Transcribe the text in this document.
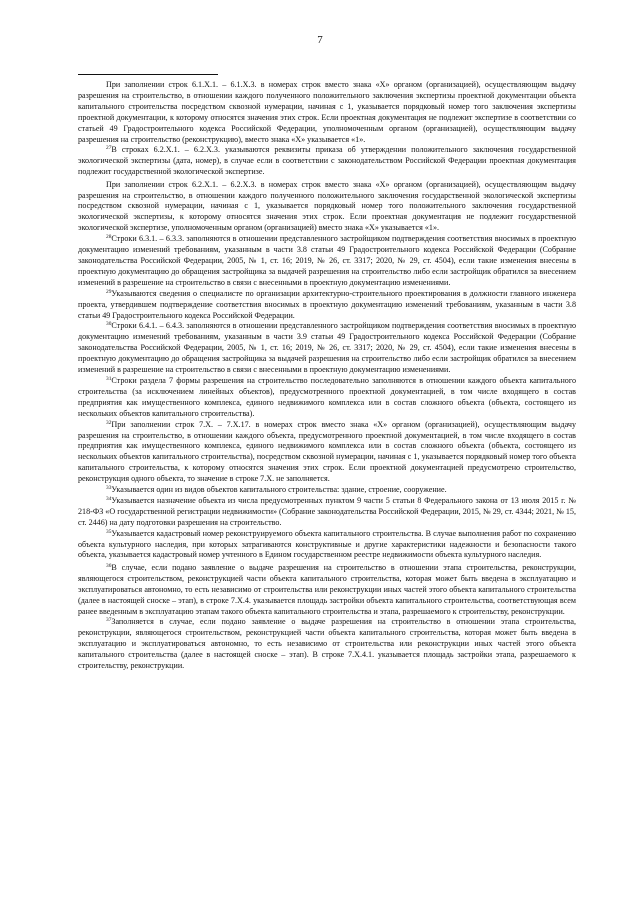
7

При заполнении строк 6.1.Х.1. – 6.1.Х.3. в номерах строк вместо знака «Х» органом (организацией), осуществляющим выдачу разрешения на строительство, в отношении каждого полученного положительного заключения экспертизы проектной документации объекта капитального строительства посредством сквозной нумерации, начиная с 1, указывается порядковый номер того заключения экспертизы проектной документации, к которому относятся значения этих строк. Если проектная документация не подлежит экспертизе в соответствии со статьей 49 Градостроительного кодекса Российской Федерации, уполномоченным органом (организацией), осуществляющим выдачу разрешения на строительство (реконструкцию), вместо знака «Х» указывается «1».

$^{27}$В строках 6.2.Х.1. – 6.2.Х.3. указываются реквизиты приказа об утверждении положительного заключения государственной экологической экспертизы (дата, номер), в случае если в соответствии с законодательством Российской Федерации проектная документация подлежит государственной экологической экспертизе.

При заполнении строк 6.2.Х.1. – 6.2.Х.3. в номерах строк вместо знака «Х» органом (организацией), осуществляющим выдачу разрешения на строительство, в отношении каждого полученного положительного заключения государственной экологической экспертизы посредством сквозной нумерации, начиная с 1, указывается порядковый номер того положительного заключения государственной экологической экспертизы, к которому относятся значения этих строк. Если проектная документация не подлежит государственной экологической экспертизе, уполномоченным органом (организацией) вместо знака «Х» указывается «1».

$^{28}$Строки 6.3.1. – 6.3.3. заполняются в отношении представленного застройщиком подтверждения соответствия вносимых в проектную документацию изменений требованиям, указанным в части 3.8 статьи 49 Градостроительного кодекса Российской Федерации (Собрание законодательства Российской Федерации, 2005, № 1, ст. 16; 2019, № 26, ст. 3317; 2020, № 29, ст. 4504), если такие изменения внесены в проектную документацию до обращения застройщика за выдачей разрешения на строительство либо если застройщик обратился за внесением изменений в разрешение на строительство в связи с внесенными в проектную документацию изменениями.

$^{29}$Указываются сведения о специалисте по организации архитектурно-строительного проектирования в должности главного инженера проекта, утвердившем подтверждение соответствия вносимых в проектную документацию изменений требованиям, указанным в части 3.8 статьи 49 Градостроительного кодекса Российской Федерации.

$^{30}$Строки 6.4.1. – 6.4.3. заполняются в отношении представленного застройщиком подтверждения соответствия вносимых в проектную документацию изменений требованиям, указанным в части 3.9 статьи 49 Градостроительного кодекса Российской Федерации (Собрание законодательства Российской Федерации, 2005, № 1, ст. 16; 2019, № 26, ст. 3317; 2020, № 29, ст. 4504), если такие изменения внесены в проектную документацию до обращения застройщика за выдачей разрешения на строительство либо если застройщик обратился за внесением изменений в разрешение на строительство в связи с внесенными в проектную документацию изменениями.

$^{31}$Строки раздела 7 формы разрешения на строительство последовательно заполняются в отношении каждого объекта капитального строительства (за исключением линейных объектов), предусмотренного проектной документацией, в том числе входящего в состав предприятия как имущественного комплекса, единого недвижимого комплекса или в состав сложного объекта (объекта, состоящего из нескольких объектов капитального строительства).

$^{32}$При заполнении строк 7.Х. – 7.Х.17. в номерах строк вместо знака «Х» органом (организацией), осуществляющим выдачу разрешения на строительство, в отношении каждого объекта, предусмотренного проектной документацией, в том числе входящего в состав предприятия как имущественного комплекса, единого недвижимого комплекса или в состав сложного объекта (объекта, состоящего из нескольких объектов капитального строительства), посредством сквозной нумерации, начиная с 1, указывается порядковый номер того объекта капитального строительства, к которому относятся значения этих строк. Если проектной документацией предусмотрено строительство, реконструкция одного объекта, то значение в строке 7.Х. не заполняется.

$^{33}$Указывается один из видов объектов капитального строительства: здание, строение, сооружение.

$^{34}$Указывается назначение объекта из числа предусмотренных пунктом 9 части 5 статьи 8 Федерального закона от 13 июля 2015 г. № 218-ФЗ «О государственной регистрации недвижимости» (Собрание законодательства Российской Федерации, 2015, № 29, ст. 4344; 2021, № 15, ст. 2446) на дату подготовки разрешения на строительство.

$^{35}$Указывается кадастровый номер реконструируемого объекта капитального строительства. В случае выполнения работ по сохранению объекта культурного наследия, при которых затрагиваются конструктивные и другие характеристики надежности и безопасности такого объекта, указывается кадастровый номер учтенного в Едином государственном реестре недвижимости объекта культурного наследия.

$^{36}$В случае, если подано заявление о выдаче разрешения на строительство в отношении этапа строительства, реконструкции, являющегося строительством, реконструкцией части объекта капитального строительства, которая может быть введена в эксплуатацию и эксплуатироваться автономно, то есть независимо от строительства или реконструкции иных частей этого объекта капитального строительства (далее в настоящей сноске – этап), в строке 7.Х.4. указывается площадь застройки объекта капитального строительства, соответствующая всем ранее введенным в эксплуатацию этапам такого объекта капитального строительства и этапа, разрешаемого к строительству, реконструкции.

$^{37}$Заполняется в случае, если подано заявление о выдаче разрешения на строительство в отношении этапа строительства, реконструкции, являющегося строительством, реконструкцией части объекта капитального строительства, которая может быть введена в эксплуатацию и эксплуатироваться автономно, то есть независимо от строительства или реконструкции иных частей этого объекта капитального строительства (далее в настоящей сноске – этап). В строке 7.Х.4.1. указывается площадь застройки этапа, разрешаемого к строительству, реконструкции.
